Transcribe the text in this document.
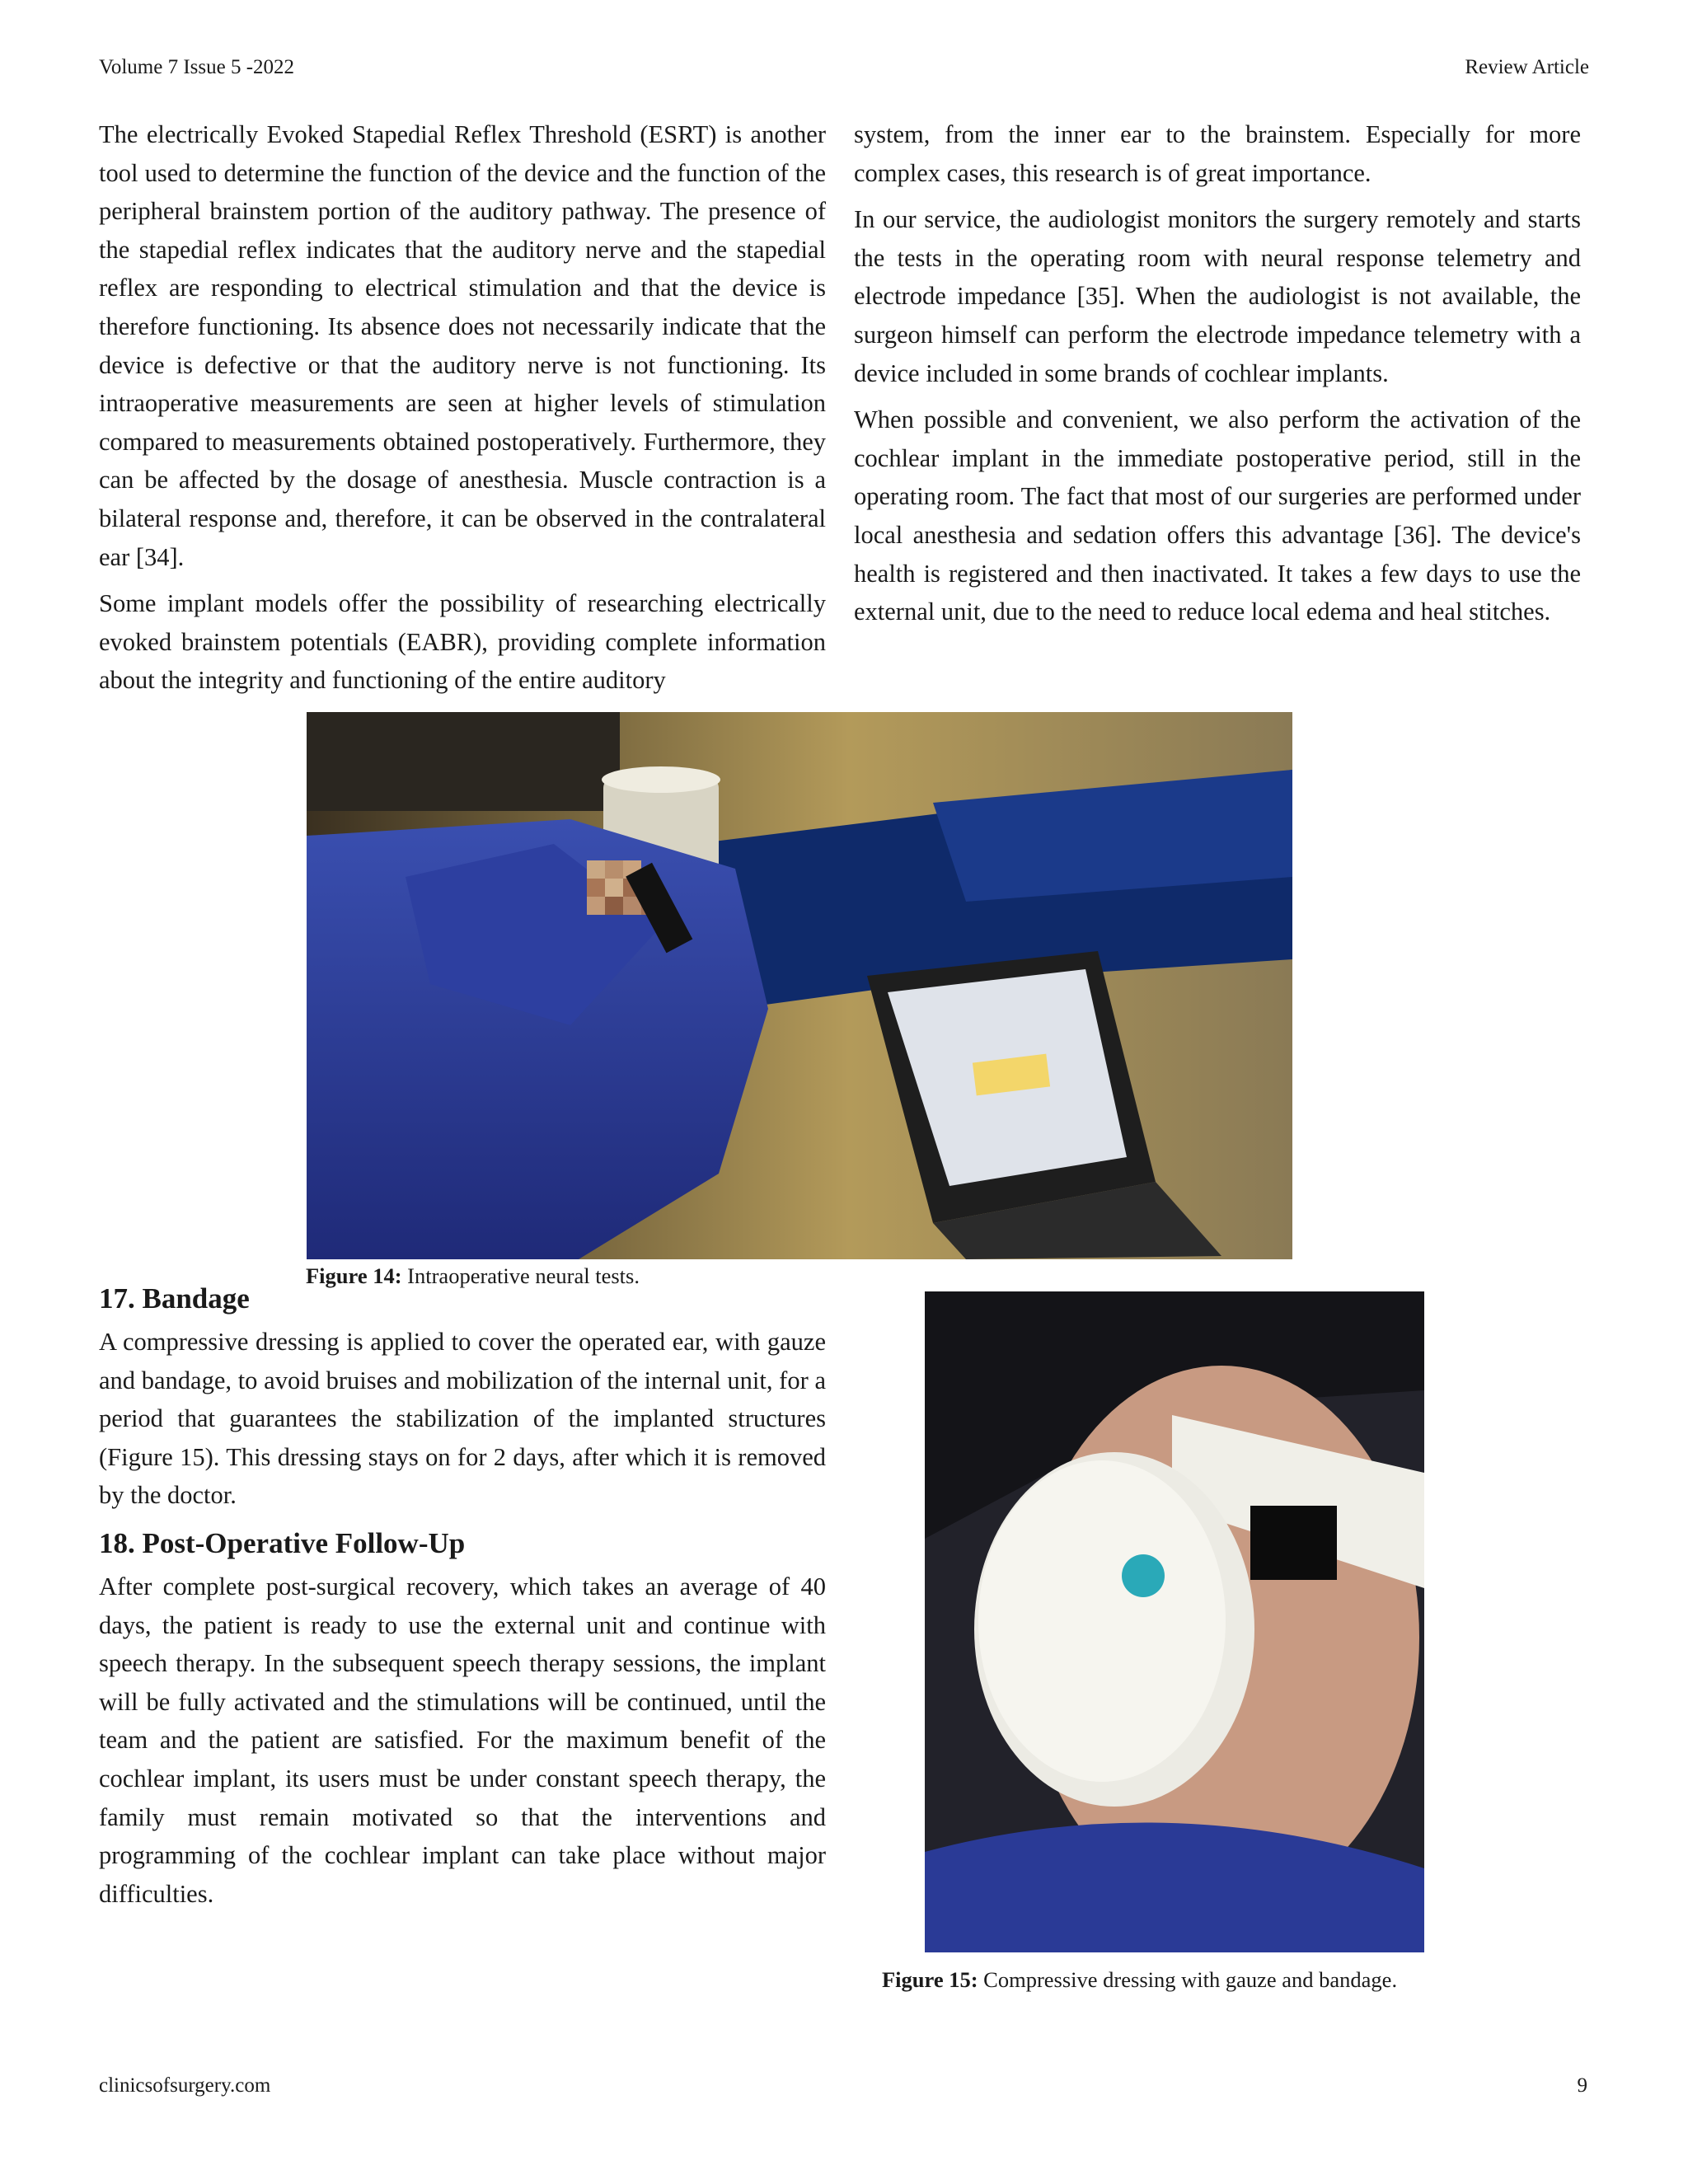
Volume 7 Issue 5 -2022	Review Article

The electrically Evoked Stapedial Reflex Threshold (ESRT) is another tool used to determine the function of the device and the function of the peripheral brainstem portion of the auditory pathway. The presence of the stapedial reflex indicates that the auditory nerve and the stapedial reflex are responding to electrical stimulation and that the device is therefore functioning. Its absence does not necessarily indicate that the device is defective or that the auditory nerve is not functioning. Its intraoperative measurements are seen at higher levels of stimulation compared to measurements obtained postoperatively. Furthermore, they can be affected by the dosage of anesthesia. Muscle contraction is a bilateral response and, therefore, it can be observed in the contralateral ear [34].

Some implant models offer the possibility of researching electrically evoked brainstem potentials (EABR), providing complete information about the integrity and functioning of the entire auditory

system, from the inner ear to the brainstem. Especially for more complex cases, this research is of great importance.

In our service, the audiologist monitors the surgery remotely and starts the tests in the operating room with neural response telemetry and electrode impedance [35]. When the audiologist is not available, the surgeon himself can perform the electrode impedance telemetry with a device included in some brands of cochlear implants.

When possible and convenient, we also perform the activation of the cochlear implant in the immediate postoperative period, still in the operating room. The fact that most of our surgeries are performed under local anesthesia and sedation offers this advantage [36]. The device's health is registered and then inactivated. It takes a few days to use the external unit, due to the need to reduce local edema and heal stitches.

Figure 14: Intraoperative neural tests.
17. Bandage

A compressive dressing is applied to cover the operated ear, with gauze and bandage, to avoid bruises and mobilization of the internal unit, for a period that guarantees the stabilization of the implanted structures (Figure 15). This dressing stays on for 2 days, after which it is removed by the doctor.

18. Post-Operative Follow-Up

After complete post-surgical recovery, which takes an average of 40 days, the patient is ready to use the external unit and continue with speech therapy. In the subsequent speech therapy sessions, the implant will be fully activated and the stimulations will be continued, until the team and the patient are satisfied. For the maximum benefit of the cochlear implant, its users must be under constant speech therapy, the family must remain motivated so that the interventions and programming of the cochlear implant can take place without major difficulties.

Figure 15: Compressive dressing with gauze and bandage.
clinicsofsurgery.com	9
